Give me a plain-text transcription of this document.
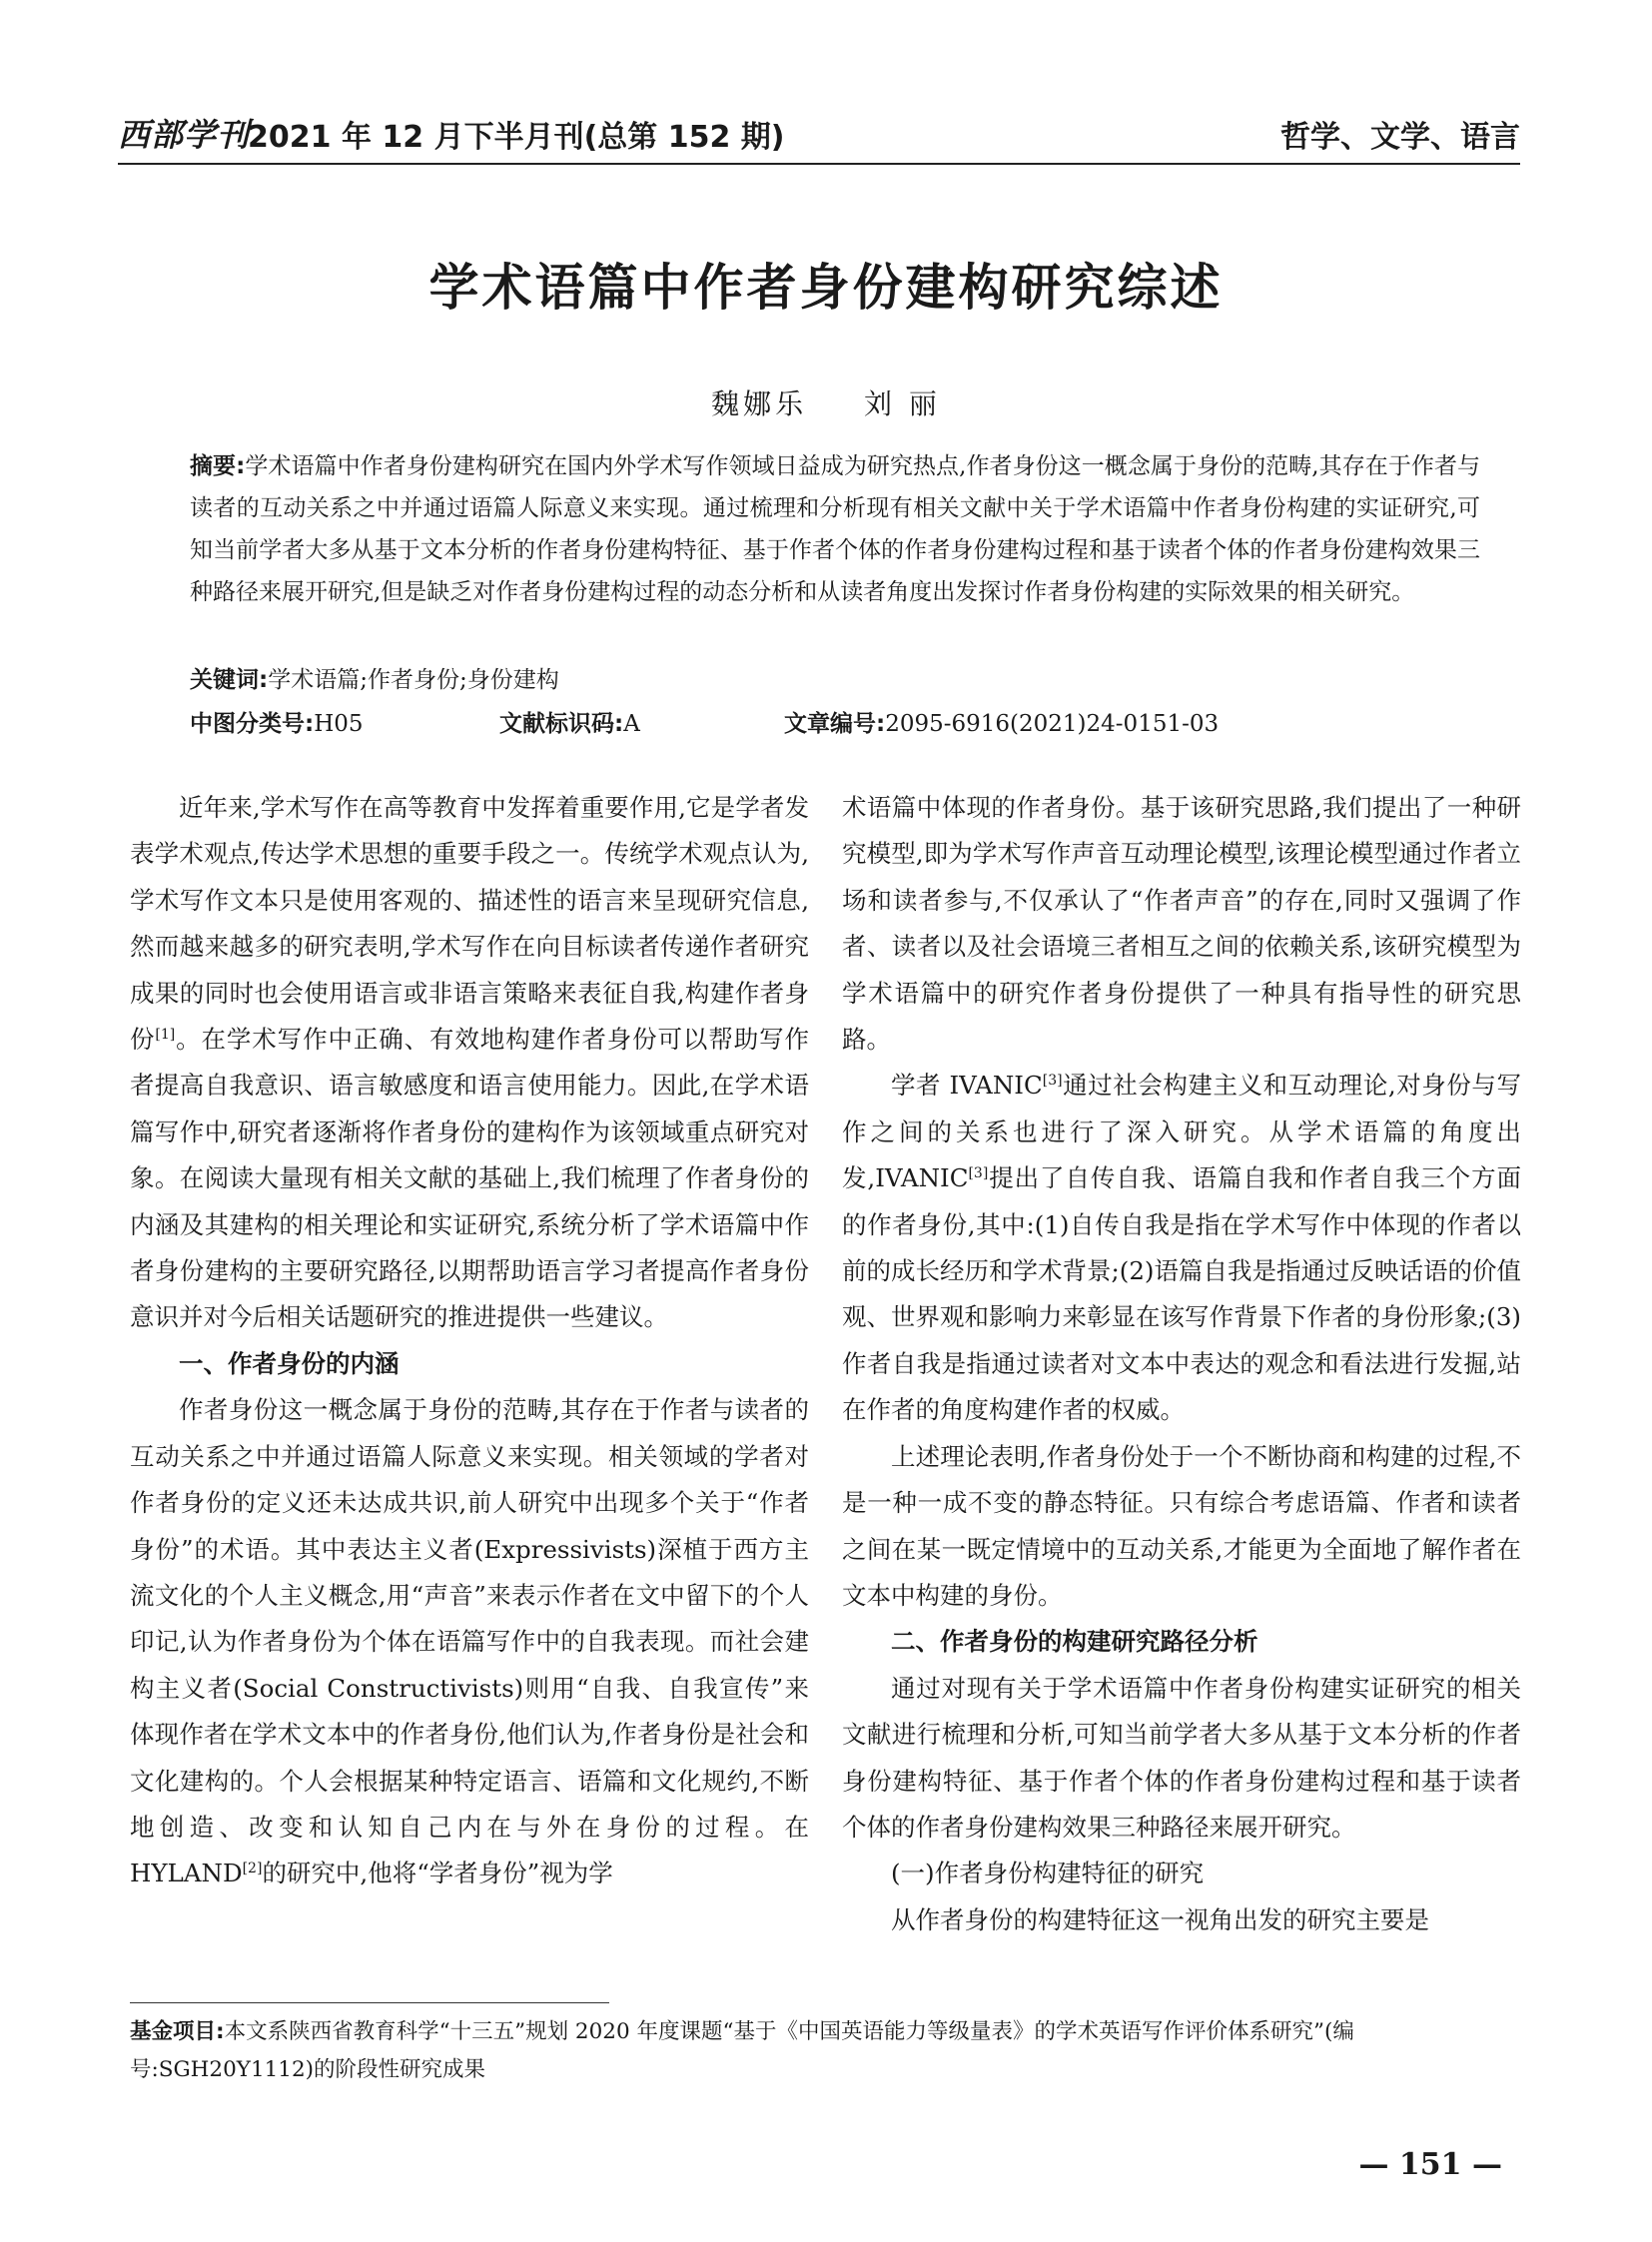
西部学刊
2021 年 12 月下半月刊(总第 152 期)	哲学、文学、语言
学术语篇中作者身份建构研究综述
魏娜乐 刘 丽
摘要:学术语篇中作者身份建构研究在国内外学术写作领域日益成为研究热点,作者身份这一概念属于身份的范畴,其存在于作者与读者的互动关系之中并通过语篇人际意义来实现。通过梳理和分析现有相关文献中关于学术语篇中作者身份构建的实证研究,可知当前学者大多从基于文本分析的作者身份建构特征、基于作者个体的作者身份建构过程和基于读者个体的作者身份建构效果三种路径来展开研究,但是缺乏对作者身份建构过程的动态分析和从读者角度出发探讨作者身份构建的实际效果的相关研究。
关键词:学术语篇;作者身份;身份建构
中图分类号:H05	文献标识码:A	文章编号:2095-6916(2021)24-0151-03

近年来,学术写作在高等教育中发挥着重要作用,它是学者发表学术观点,传达学术思想的重要手段之一。传统学术观点认为,学术写作文本只是使用客观的、描述性的语言来呈现研究信息,然而越来越多的研究表明,学术写作在向目标读者传递作者研究成果的同时也会使用语言或非语言策略来表征自我,构建作者身份[1]。在学术写作中正确、有效地构建作者身份可以帮助写作者提高自我意识、语言敏感度和语言使用能力。因此,在学术语篇写作中,研究者逐渐将作者身份的建构作为该领域重点研究对象。在阅读大量现有相关文献的基础上,我们梳理了作者身份的内涵及其建构的相关理论和实证研究,系统分析了学术语篇中作者身份建构的主要研究路径,以期帮助语言学习者提高作者身份意识并对今后相关话题研究的推进提供一些建议。

一、作者身份的内涵

作者身份这一概念属于身份的范畴,其存在于作者与读者的互动关系之中并通过语篇人际意义来实现。相关领域的学者对作者身份的定义还未达成共识,前人研究中出现多个关于“作者身份”的术语。其中表达主义者(Expressivists)深植于西方主流文化的个人主义概念,用“声音”来表示作者在文中留下的个人印记,认为作者身份为个体在语篇写作中的自我表现。而社会建构主义者(Social Constructivists)则用“自我、自我宣传”来体现作者在学术文本中的作者身份,他们认为,作者身份是社会和文化建构的。个人会根据某种特定语言、语篇和文化规约,不断地创造、改变和认知自己内在与外在身份的过程。在 HYLAND[2]的研究中,他将“学者身份”视为学

术语篇中体现的作者身份。基于该研究思路,我们提出了一种研究模型,即为学术写作声音互动理论模型,该理论模型通过作者立场和读者参与,不仅承认了“作者声音”的存在,同时又强调了作者、读者以及社会语境三者相互之间的依赖关系,该研究模型为学术语篇中的研究作者身份提供了一种具有指导性的研究思路。

学者 IVANIC[3]通过社会构建主义和互动理论,对身份与写作之间的关系也进行了深入研究。从学术语篇的角度出发,IVANIC[3]提出了自传自我、语篇自我和作者自我三个方面的作者身份,其中:(1)自传自我是指在学术写作中体现的作者以前的成长经历和学术背景;(2)语篇自我是指通过反映话语的价值观、世界观和影响力来彰显在该写作背景下作者的身份形象;(3)作者自我是指通过读者对文本中表达的观念和看法进行发掘,站在作者的角度构建作者的权威。

上述理论表明,作者身份处于一个不断协商和构建的过程,不是一种一成不变的静态特征。只有综合考虑语篇、作者和读者之间在某一既定情境中的互动关系,才能更为全面地了解作者在文本中构建的身份。

二、作者身份的构建研究路径分析

通过对现有关于学术语篇中作者身份构建实证研究的相关文献进行梳理和分析,可知当前学者大多从基于文本分析的作者身份建构特征、基于作者个体的作者身份建构过程和基于读者个体的作者身份建构效果三种路径来展开研究。

(一)作者身份构建特征的研究

从作者身份的构建特征这一视角出发的研究主要是

基金项目:本文系陕西省教育科学“十三五”规划 2020 年度课题“基于《中国英语能力等级量表》的学术英语写作评价体系研究”(编号:SGH20Y1112)的阶段性研究成果
— 151 —
